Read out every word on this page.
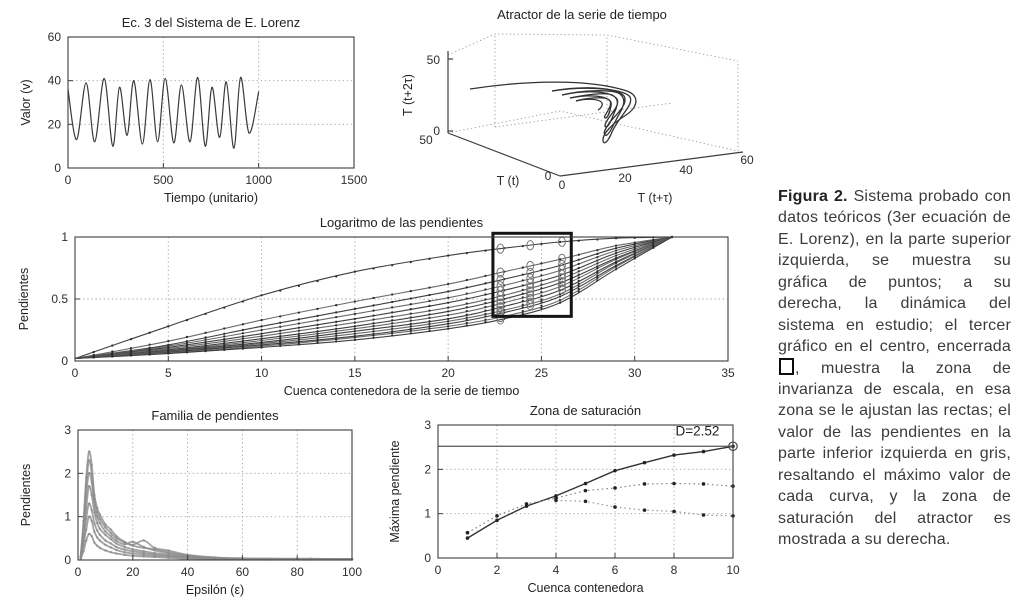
0	500	1000	1500
0
20
40
60
Ec. 3 del Sistema de E. Lorenz
Tiempo (unitario)
Valor (v)
50
0
50
0
0	20
40
60
T (t+2τ)
T (t)
T (t+τ)
Atractor de la serie de tiempo
0	5	10	15	20	25	30	35
0
0.5
1
Logaritmo de las pendientes
Cuenca contenedora de la serie de tiempo
Pendientes
0	20	40	60	80	100
0
1
2
3
Familia de pendientes
Epsilón (ε)
Pendientes
0	2	4	6	8	10
0
1
2
3
Zona de saturación
Cuenca contenedora
Máxima pendiente
D=2.52
Figura 2. Sistema probado con datos teóricos (3er ecuación de E. Lorenz), en la parte superior izquierda, se muestra su gráfica de puntos; a su derecha, la dinámica del sistema en estudio; el tercer gráfico en el centro, encerrada , muestra la zona de invarianza de escala, en esa zona se le ajustan las rectas; el valor de las pendientes en la parte inferior izquierda en gris, resaltando el máximo valor de cada curva, y la zona de saturación del atractor es mostrada a su derecha.
